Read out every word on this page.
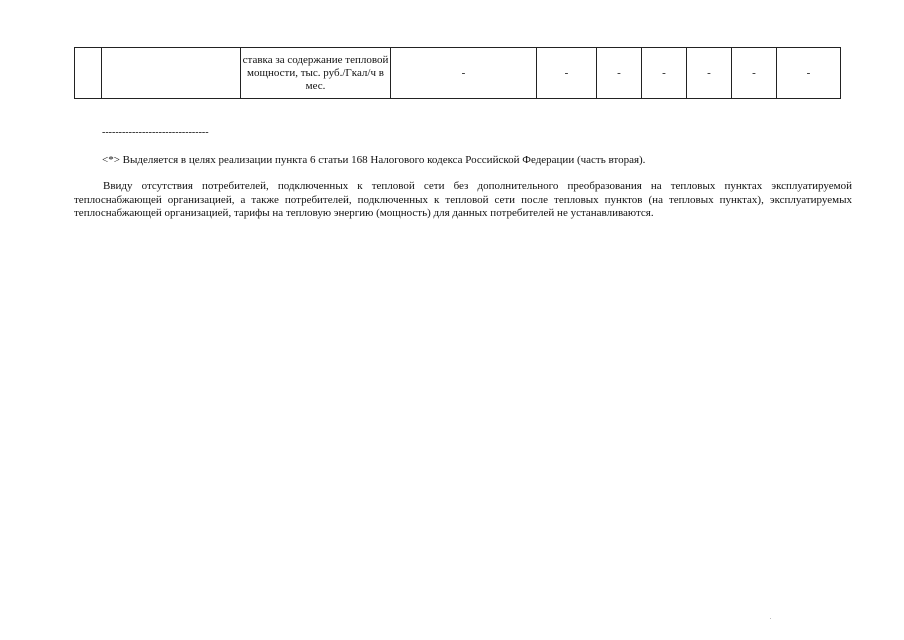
		ставка за содержание тепловой мощности, тыс. руб./Гкал/ч в мес.	-	-	-	-	-	-	-
--------------------------------
<*> Выделяется в целях реализации пункта 6 статьи 168 Налогового кодекса Российской Федерации (часть вторая).

Ввиду отсутствия потребителей, подключенных к тепловой сети без дополнительного преобразования на тепловых пунктах эксплуатируемой теплоснабжающей организацией, а также потребителей, подключенных к тепловой сети после тепловых пунктов (на тепловых пунктах), эксплуатируемых теплоснабжающей организацией, тарифы на тепловую энергию (мощность) для данных потребителей не устанавливаются.
